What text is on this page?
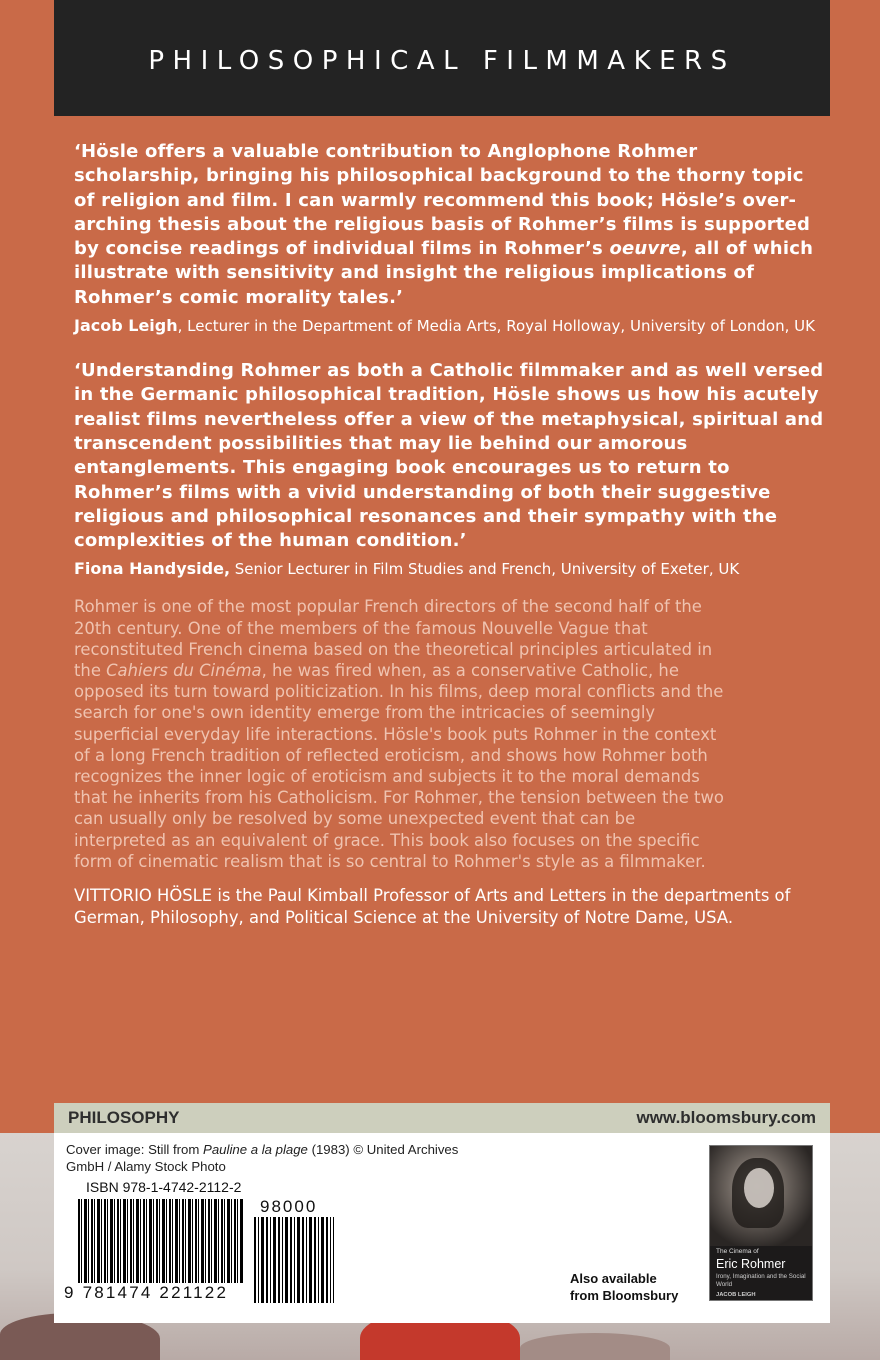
PHILOSOPHICAL FILMMAKERS

‘Hösle offers a valuable contribution to Anglophone Rohmer scholarship, bringing his philosophical background to the thorny topic of religion and film. I can warmly recommend this book; Hösle’s over-arching thesis about the religious basis of Rohmer’s films is supported by concise readings of individual films in Rohmer’s oeuvre, all of which illustrate with sensitivity and insight the religious implications of Rohmer’s comic morality tales.’

Jacob Leigh, Lecturer in the Department of Media Arts, Royal Holloway, University of London, UK

‘Understanding Rohmer as both a Catholic filmmaker and as well versed in the Germanic philosophical tradition, Hösle shows us how his acutely realist films nevertheless offer a view of the metaphysical, spiritual and transcendent possibilities that may lie behind our amorous entanglements. This engaging book encourages us to return to Rohmer’s films with a vivid understanding of both their suggestive religious and philosophical resonances and their sympathy with the complexities of the human condition.’

Fiona Handyside, Senior Lecturer in Film Studies and French, University of Exeter, UK

Rohmer is one of the most popular French directors of the second half of the 20th century. One of the members of the famous Nouvelle Vague that reconstituted French cinema based on the theoretical principles articulated in the Cahiers du Cinéma, he was fired when, as a conservative Catholic, he opposed its turn toward politicization. In his films, deep moral conflicts and the search for one's own identity emerge from the intricacies of seemingly superficial everyday life interactions. Hösle's book puts Rohmer in the context of a long French tradition of reflected eroticism, and shows how Rohmer both recognizes the inner logic of eroticism and subjects it to the moral demands that he inherits from his Catholicism. For Rohmer, the tension between the two can usually only be resolved by some unexpected event that can be interpreted as an equivalent of grace. This book also focuses on the specific form of cinematic realism that is so central to Rohmer's style as a filmmaker.

VITTORIO HÖSLE is the Paul Kimball Professor of Arts and Letters in the departments of German, Philosophy, and Political Science at the University of Notre Dame, USA.

PHILOSOPHY	www.bloomsbury.com

Cover image: Still from Pauline a la plage (1983) © United Archives GmbH / Alamy Stock Photo

ISBN 978-1-4742-2112-2
9 781474 221122
98000
Also available
from Bloomsbury
The Cinema of
Eric Rohmer
Irony, Imagination and the Social World
JACOB LEIGH
